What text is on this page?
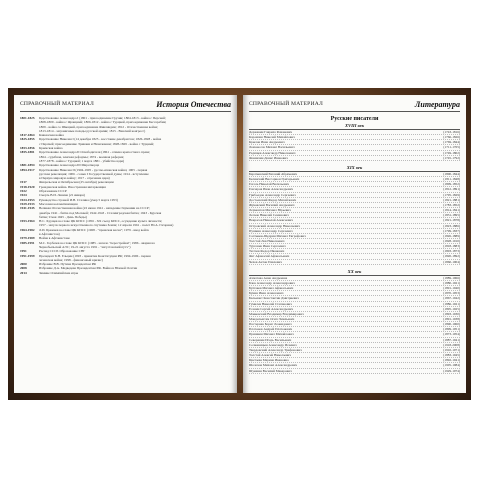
СПРАВОЧНЫЙ МАТЕРИАЛ	История Отечества
1801-1825	Царствование Александра I (1801 - присоединение Грузии; 1804-1813 - война с Персией;
1808-1809 - война с Францией; 1806-1812 - война с Турцией, присоединение Бессарабии;
1809 - война со Швецией, присоединение Финляндии; 1812 - Отечественная война;
1813-1814 - заграничные походы русской армии; 1815 - Венский конгресс)
1817-1864	Кавказская война
1825-1855	Царствование Николая I (14 декабря 1825 - восстание декабристов; 1826-1828 - война
с Персией; присоединение Эривани и Нахичевани; 1828-1829 - война с Турцией;
1853-1856	Крымская война
1855-1881	Царствование Александра II Освободителя (1861 - отмена крепостного права;
1864 - судебная, земская реформы; 1874 - военная реформа;
1877-1878 - война с Турцией; 1 марта 1881 - убийство царя)
1881-1894	Царствование Александра III Миротворца
1894-1917	Царствование Николая II (1904-1905 - русско-японская война; 1905 - первая
русская революция; 1906 - созыв I Государственной думы; 1914 - вступление
в Первую мировую войну; 1917 - отречение царя)
1917	Февральская и Октябрьская (25 октября) революции
1918-1920	Гражданская война. Иностранная интервенция
1922	Образование СССР
1924	Смерть В.И. Ленина (21 января)
1924-1953	Руководство страной И.В. Сталина (умер 5 марта 1953)
1929-1933	Массовая коллективизация
1941-1945	Великая Отечественная война (22 июня 1941 - нападение Германии на СССР;
декабрь 1941 - битва под Москвой; 1942-1943 - Сталинградская битва; 1943 - Курская
битва; 9 мая 1945 - День Победы)
1953-1964	Н.С. Хрущев во главе ЦК КПСС (1956 - XX съезд КПСС, осуждение культа личности;
1957 - запуск первого искусственного спутника Земли; 12 апреля 1961 - полет Ю.А. Гагарина)
1964-1982	Л.И. Брежнев во главе ЦК КПСС (1968 - "пражская весна"; 1979 - ввод войск
в Афганистан)
1979-1989	Война в Афганистане
1985-1991	М.С. Горбачев во главе ЦК КПСС (1985 - начало "перестройки"; 1986 - авария на
Чернобыльской АЭС; 19-21 августа 1991 - "августовский путч")
1991	Распад СССР. Образование СНГ
1991-1999	Президент Б.Н. Ельцин (1993 - принятие Конституции РФ; 1994-1996 - первая
чеченская война; 1998 - финансовый кризис)
2000	Избрание В.В. Путина Президентом РФ
2008	Избрание Д.А. Медведева Президентом РФ. Война в Южной Осетии
2014	Зимние Олимпийские игры
СПРАВОЧНЫЙ МАТЕРИАЛ	Литература
Русские писатели
XVIII век
Державин Гаврила Романович	(1743-1816)
Карамзин Николай Михайлович	(1766-1826)
Крылов Иван Андреевич	(1769-1844)
Ломоносов Михаил Васильевич	(1711-1765)
Радищев Александр Николаевич	(1749-1802)
Фонвизин Денис Иванович	(1745-1792)
XIX век
Баратынский Евгений Абрамович	(1800-1844)
Белинский Виссарион Григорьевич	(1811-1848)
Гоголь Николай Васильевич	(1809-1852)
Гончаров Иван Александрович	(1812-1891)
Грибоедов Александр Сергеевич	(1795-1829)
Достоевский Федор Михайлович	(1821-1881)
Жуковский Василий Андреевич	(1783-1852)
Лермонтов Михаил Юрьевич	(1814-1841)
Лесков Николай Семенович	(1831-1895)
Некрасов Николай Алексеевич	(1821-1878)
Островский Александр Николаевич	(1823-1886)
Пушкин Александр Сергеевич	(1799-1837)
Салтыков-Щедрин Михаил Евграфович	(1826-1889)
Толстой Лев Николаевич	(1828-1910)
Тургенев Иван Сергеевич	(1818-1883)
Тютчев Федор Иванович	(1803-1873)
Фет Афанасий Афанасьевич	(1820-1892)
Чехов Антон Павлович	(1860-1904)
XX век
Ахматова Анна Андреевна	(1889-1966)
Блок Александр Александрович	(1880-1921)
Булгаков Михаил Афанасьевич	(1891-1940)
Бунин Иван Алексеевич	(1870-1953)
Бальмонт Константин Дмитриевич	(1867-1942)
Гумилев Николай Степанович	(1886-1921)
Есенин Сергей Александрович	(1895-1925)
Маяковский Владимир Владимирович	(1893-1930)
Мандельштам Осип Эмильевич	(1891-1938)
Пастернак Борис Леонидович	(1890-1960)
Платонов Андрей Платонович	(1899-1951)
Пришвин Михаил Михайлович	(1873-1954)
Северянин Игорь Васильевич	(1887-1941)
Солженицын Александр Исаевич	(1918-2008)
Твардовский Александр Трифонович	(1910-1971)
Толстой Алексей Николаевич	(1883-1945)
Цветаева Марина Ивановна	(1892-1941)
Шолохов Михаил Александрович	(1905-1984)
Шукшин Василий Макарович	(1929-1974)
